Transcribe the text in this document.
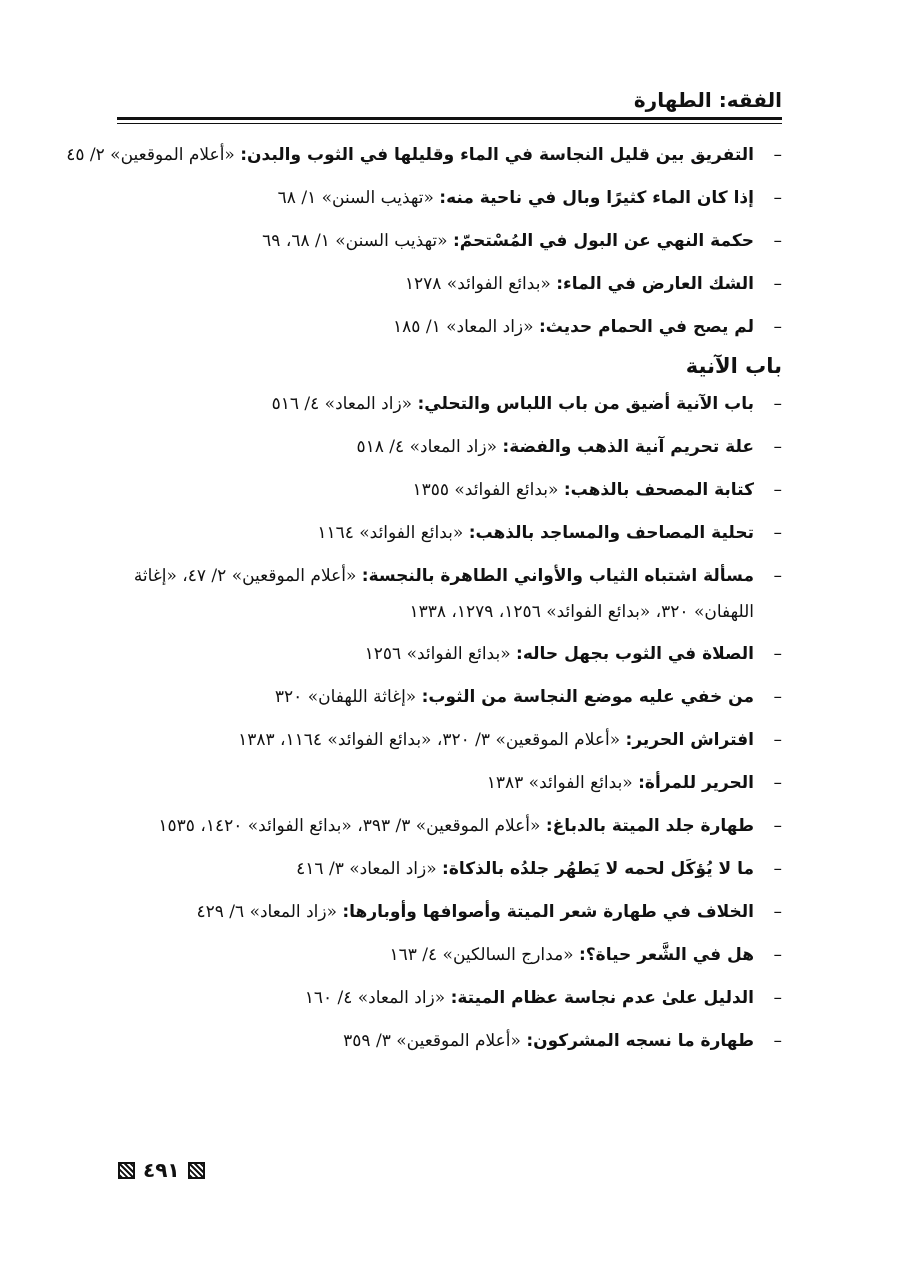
الفقه: الطهارة
–
التفريق بين قليل النجاسة في الماء وقليلها في الثوب والبدن: «أعلام الموقعين» ٢/ ٤٥
–
إذا كان الماء كثيرًا وبال في ناحية منه: «تهذيب السنن» ١/ ٦٨
–
حكمة النهي عن البول في المُسْتحمّ: «تهذيب السنن» ١/ ٦٨، ٦٩
–
الشك العارض في الماء: «بدائع الفوائد» ١٢٧٨
–
لم يصح في الحمام حديث: «زاد المعاد» ١/ ١٨٥
باب الآنية
–
باب الآنية أضيق من باب اللباس والتحلي: «زاد المعاد» ٤/ ٥١٦
–
علة تحريم آنية الذهب والفضة: «زاد المعاد» ٤/ ٥١٨
–
كتابة المصحف بالذهب: «بدائع الفوائد» ١٣٥٥
–
تحلية المصاحف والمساجد بالذهب: «بدائع الفوائد» ١١٦٤
–
مسألة اشتباه الثياب والأواني الطاهرة بالنجسة: «أعلام الموقعين» ٢/ ٤٧، «إغاثة اللهفان» ٣٢٠، «بدائع الفوائد» ١٢٥٦، ١٢٧٩، ١٣٣٨
–
الصلاة في الثوب بجهل حاله: «بدائع الفوائد» ١٢٥٦
–
من خفي عليه موضع النجاسة من الثوب: «إغاثة اللهفان» ٣٢٠
–
افتراش الحرير: «أعلام الموقعين» ٣/ ٣٢٠، «بدائع الفوائد» ١١٦٤، ١٣٨٣
–
الحرير للمرأة: «بدائع الفوائد» ١٣٨٣
–
طهارة جلد الميتة بالدباغ: «أعلام الموقعين» ٣/ ٣٩٣، «بدائع الفوائد» ١٤٢٠، ١٥٣٥
–
ما لا يُؤكَل لحمه لا يَطهُر جلدُه بالذكاة: «زاد المعاد» ٣/ ٤١٦
–
الخلاف في طهارة شعر الميتة وأصوافها وأوبارها: «زاد المعاد» ٦/ ٤٢٩
–
هل في الشَّعر حياة؟: «مدارج السالكين» ٤/ ١٦٣
–
الدليل علىٰ عدم نجاسة عظام الميتة: «زاد المعاد» ٤/ ١٦٠
–
طهارة ما نسجه المشركون: «أعلام الموقعين» ٣/ ٣٥٩
٤٩١
